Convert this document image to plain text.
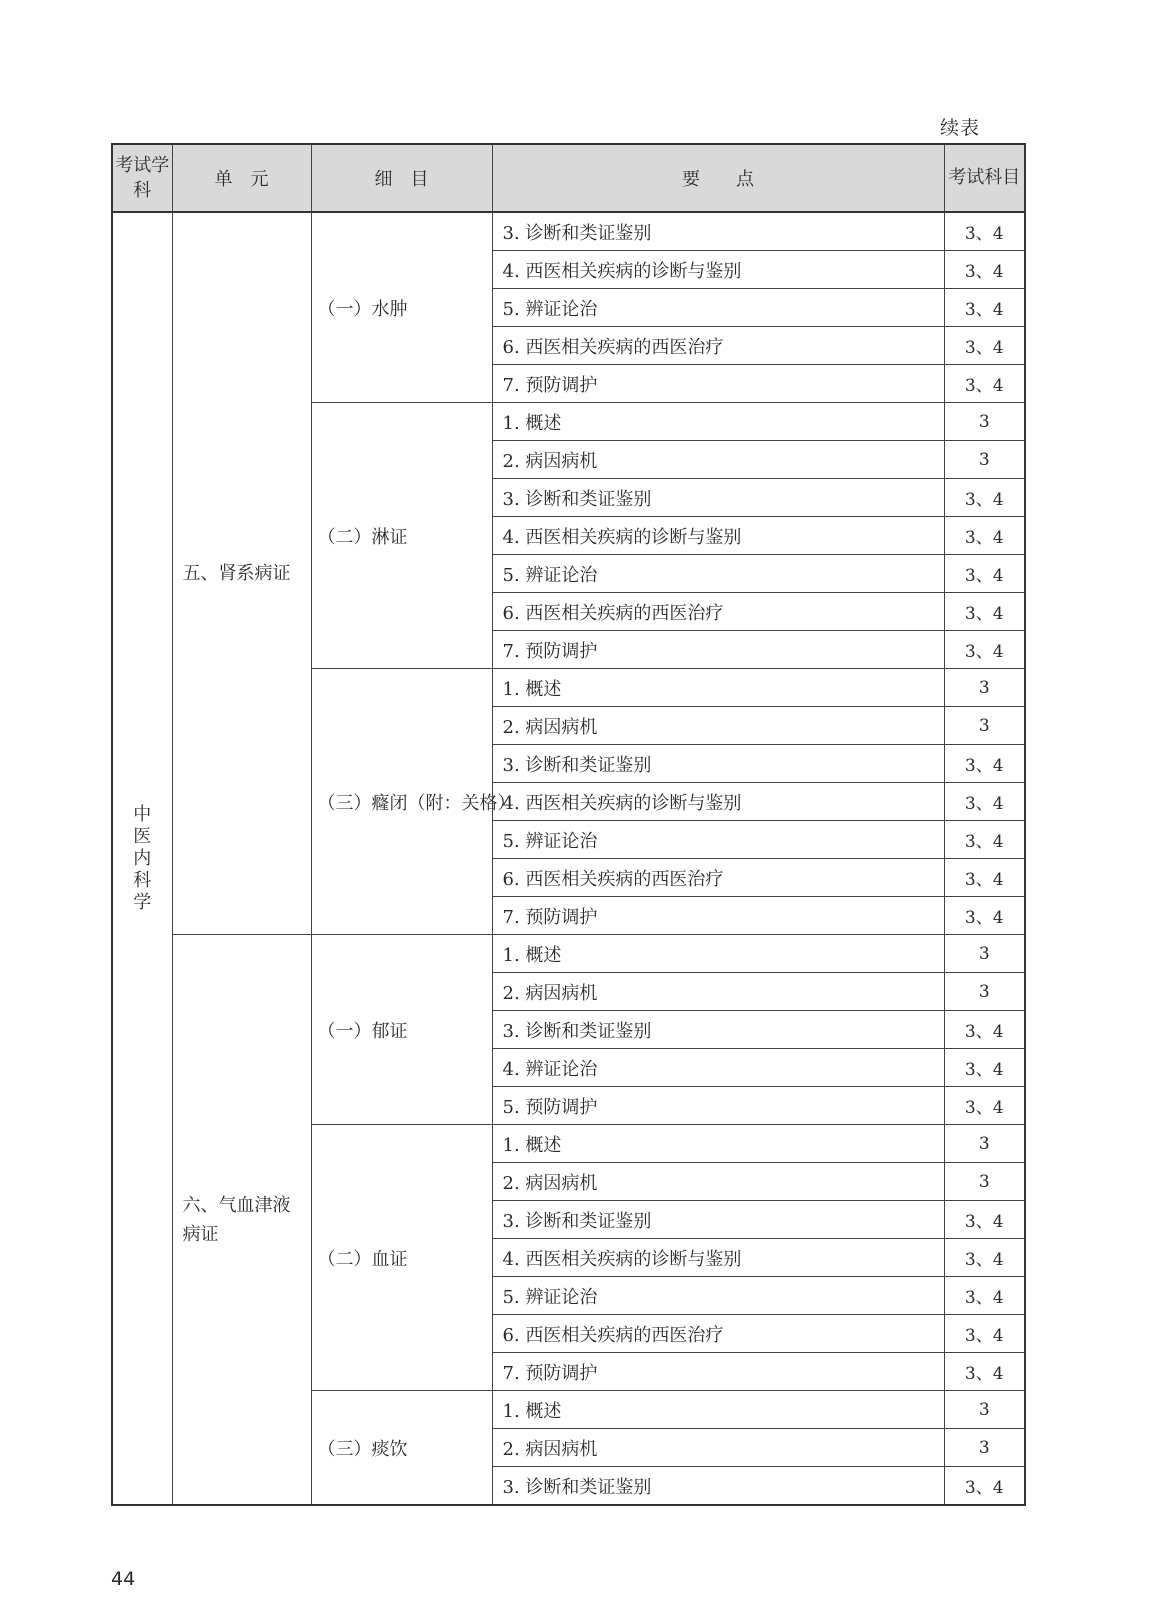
续表
考试学科	单　元	细　目	要　　点	考试科目
中医内科学	五、肾系病证	（一）水肿	3. 诊断和类证鉴别	3、4
			4. 西医相关疾病的诊断与鉴别	3、4
			5. 辨证论治	3、4
			6. 西医相关疾病的西医治疗	3、4
			7. 预防调护	3、4
		（二）淋证	1. 概述	3
			2. 病因病机	3
			3. 诊断和类证鉴别	3、4
			4. 西医相关疾病的诊断与鉴别	3、4
			5. 辨证论治	3、4
			6. 西医相关疾病的西医治疗	3、4
			7. 预防调护	3、4
		（三）癃闭（附：关格）	1. 概述	3
			2. 病因病机	3
			3. 诊断和类证鉴别	3、4
			4. 西医相关疾病的诊断与鉴别	3、4
			5. 辨证论治	3、4
			6. 西医相关疾病的西医治疗	3、4
			7. 预防调护	3、4
	六、气血津液病证	（一）郁证	1. 概述	3
			2. 病因病机	3
			3. 诊断和类证鉴别	3、4
			4. 辨证论治	3、4
			5. 预防调护	3、4
		（二）血证	1. 概述	3
			2. 病因病机	3
			3. 诊断和类证鉴别	3、4
			4. 西医相关疾病的诊断与鉴别	3、4
			5. 辨证论治	3、4
			6. 西医相关疾病的西医治疗	3、4
			7. 预防调护	3、4
		（三）痰饮	1. 概述	3
			2. 病因病机	3
			3. 诊断和类证鉴别	3、4
44
